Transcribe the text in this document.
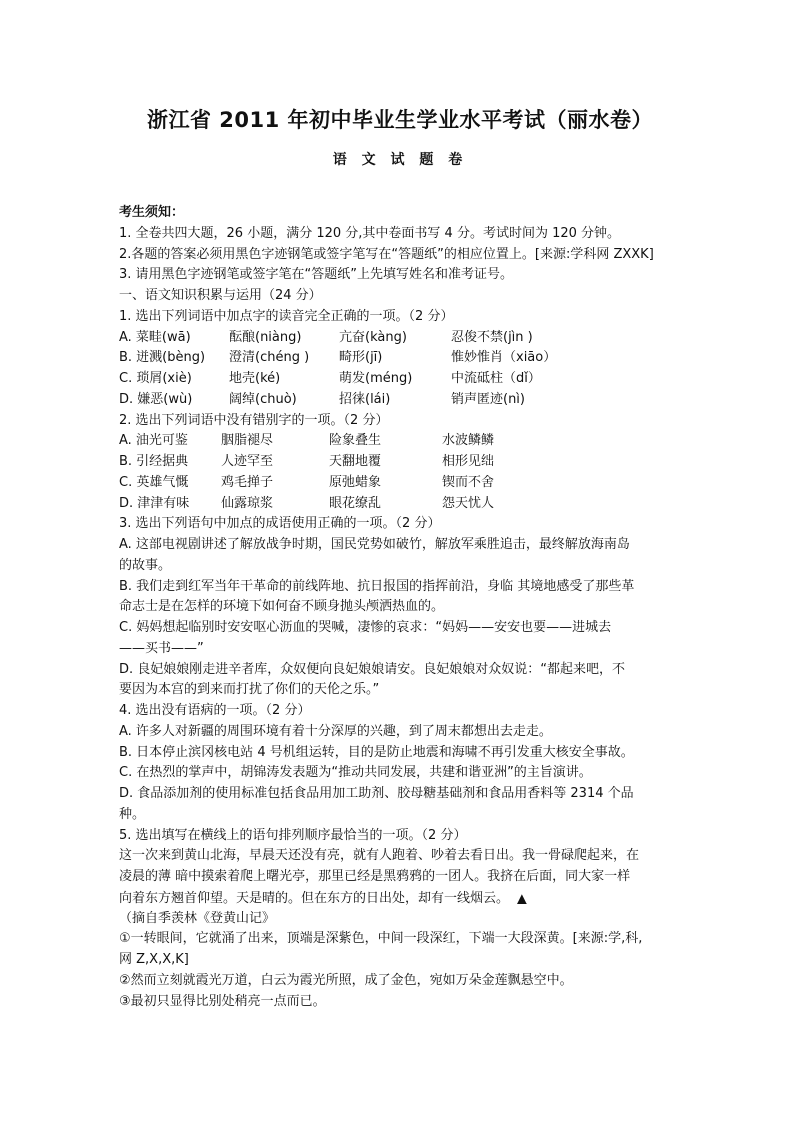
浙江省 2011 年初中毕业生学业水平考试（丽水卷）
语 文 试 题 卷
考生须知：
1. 全卷共四大题，26 小题，满分 120 分,其中卷面书写 4 分。考试时间为 120 分钟。
2.各题的答案必须用黑色字迹钢笔或签字笔写在“答题纸”的相应位置上。[来源:学科网 ZXXK]
3. 请用黑色字迹钢笔或签字笔在“答题纸”上先填写姓名和准考证号。
一、语文知识积累与运用（24 分）
1. 选出下列词语中加点字的读音完全正确的一项。（2 分）
A. 菜畦(wā)	酝酿(niàng)	亢奋(kàng)	忍俊不禁(jìn )
B. 迸溅(bèng) 澄清(chéng ) 畸形(jī)	惟妙惟肖（xiāo）
C. 琐屑(xiè)	地壳(ké)	萌发(méng)	中流砥柱（dǐ）
D. 嫌恶(wù)	阔绰(chuò)	招徕(lái)	销声匿迹(nì)
2. 选出下列词语中没有错别字的一项。（2 分）
A. 油光可鉴	胭脂褪尽	险象叠生	水波鳞鳞
B. 引经据典	人迹罕至	天翻地覆	相形见绌
C. 英雄气慨	鸡毛掸子	原弛蜡象	锲而不舍
D. 津津有味 仙露琼浆	眼花缭乱	怨天忧人
3. 选出下列语句中加点的成语使用正确的一项。（2 分）
A. 这部电视剧讲述了解放战争时期，国民党势如破竹，解放军乘胜追击，最终解放海南岛
的故事。
B. 我们走到红军当年干革命的前线阵地、抗日报国的指挥前沿，身临 其境地感受了那些革
命志士是在怎样的环境下如何奋不顾身抛头颅洒热血的。
C. 妈妈想起临别时安安呕心沥血的哭喊，凄惨的哀求：“妈妈——安安也要——进城去
——买书——”
D. 良妃娘娘刚走进辛者库，众奴便向良妃娘娘请安。良妃娘娘对众奴说：“都起来吧，不
要因为本宫的到来而打扰了你们的天伦之乐。”
4. 选出没有语病的一项。（2 分）
A. 许多人对新疆的周围环境有着十分深厚的兴趣，到了周末都想出去走走。
B. 日本停止滨冈核电站 4 号机组运转，目的是防止地震和海啸不再引发重大核安全事故。
C. 在热烈的掌声中，胡锦涛发表题为“推动共同发展，共建和谐亚洲”的主旨演讲。
D. 食品添加剂的使用标准包括食品用加工助剂、胶母糖基础剂和食品用香料等 2314 个品
种。
5. 选出填写在横线上的语句排列顺序最恰当的一项。（2 分）
这一次来到黄山北海，早晨天还没有亮，就有人跑着、吵着去看日出。我一骨碌爬起来，在
凌晨的薄 暗中摸索着爬上曙光亭，那里已经是黑鸦鸦的一团人。我挤在后面，同大家一样
向着东方翘首仰望。天是晴的。但在东方的日出处，却有一线烟云。 ▲
（摘自季羡林《登黄山记》
①一转眼间，它就涌了出来，顶端是深紫色，中间一段深红，下端一大段深黄。[来源:学,科,
网 Z,X,X,K]
②然而立刻就霞光万道，白云为霞光所照，成了金色，宛如万朵金莲飘悬空中。
③最初只显得比别处稍亮一点而已。
